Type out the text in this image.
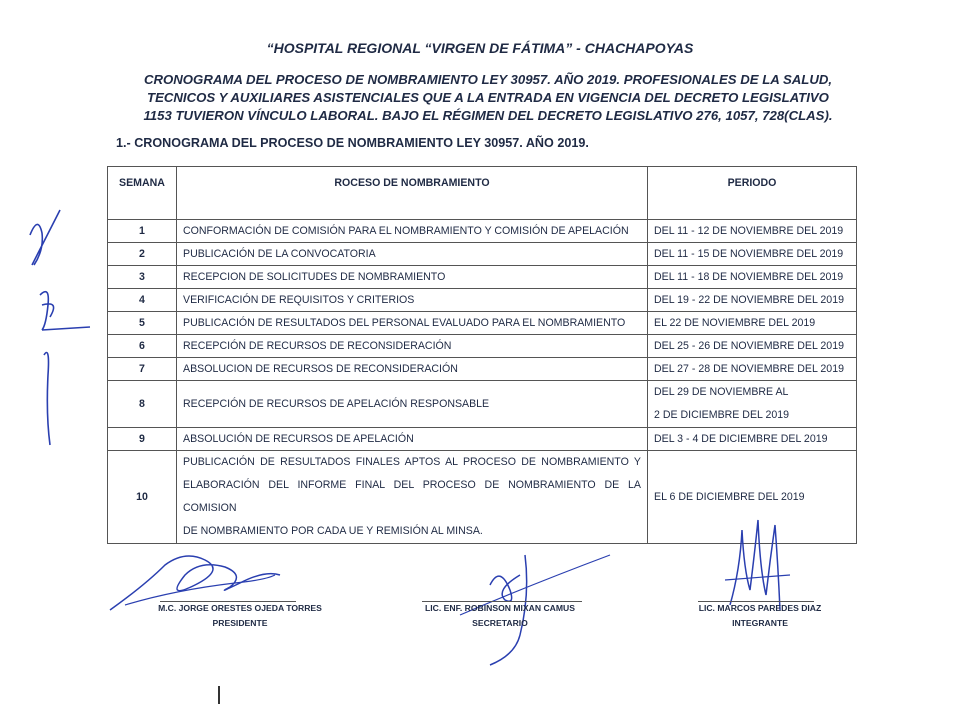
“HOSPITAL REGIONAL “VIRGEN DE FÁTIMA” - CHACHAPOYAS
CRONOGRAMA DEL PROCESO DE NOMBRAMIENTO LEY 30957. AÑO 2019. PROFESIONALES DE LA SALUD,
TECNICOS Y AUXILIARES ASISTENCIALES QUE A LA ENTRADA EN VIGENCIA DEL DECRETO LEGISLATIVO
1153 TUVIERON VÍNCULO LABORAL. BAJO EL RÉGIMEN DEL DECRETO LEGISLATIVO 276, 1057, 728(CLAS).
1.- CRONOGRAMA DEL PROCESO DE NOMBRAMIENTO LEY 30957. AÑO 2019.
SEMANA	ROCESO DE NOMBRAMIENTO	PERIODO
1	CONFORMACIÓN DE COMISIÓN PARA EL NOMBRAMIENTO Y COMISIÓN DE APELACIÓN	DEL 11 - 12 DE NOVIEMBRE DEL 2019
2	PUBLICACIÓN DE LA CONVOCATORIA	DEL 11 - 15 DE NOVIEMBRE DEL 2019
3	RECEPCION DE SOLICITUDES DE NOMBRAMIENTO	DEL 11 - 18 DE NOVIEMBRE DEL 2019
4	VERIFICACIÓN DE REQUISITOS Y CRITERIOS	DEL 19 - 22 DE NOVIEMBRE DEL 2019
5	PUBLICACIÓN DE RESULTADOS DEL PERSONAL EVALUADO PARA EL NOMBRAMIENTO	EL 22 DE NOVIEMBRE DEL 2019
6	RECEPCIÓN DE RECURSOS DE RECONSIDERACIÓN	DEL 25 - 26 DE NOVIEMBRE DEL 2019
7	ABSOLUCION DE RECURSOS DE RECONSIDERACIÓN	DEL 27 - 28 DE NOVIEMBRE DEL 2019
8	RECEPCIÓN DE RECURSOS DE APELACIÓN RESPONSABLE	DEL 29 DE NOVIEMBRE AL
2 DE DICIEMBRE DEL 2019

9	ABSOLUCIÓN DE RECURSOS DE APELACIÓN	DEL 3 - 4 DE DICIEMBRE DEL 2019
10	PUBLICACIÓN DE RESULTADOS FINALES APTOS AL PROCESO DE NOMBRAMIENTO Y
ELABORACIÓN DEL INFORME FINAL DEL PROCESO DE NOMBRAMIENTO DE LA COMISION
DE NOMBRAMIENTO POR CADA UE Y REMISIÓN AL MINSA.	EL 6 DE DICIEMBRE DEL 2019
M.C. JORGE ORESTES OJEDA TORRES
PRESIDENTE
LIC. ENF. ROBINSON MIXAN CAMUS
SECRETARIO
LIC. MARCOS PAREDES DIAZ
INTEGRANTE
